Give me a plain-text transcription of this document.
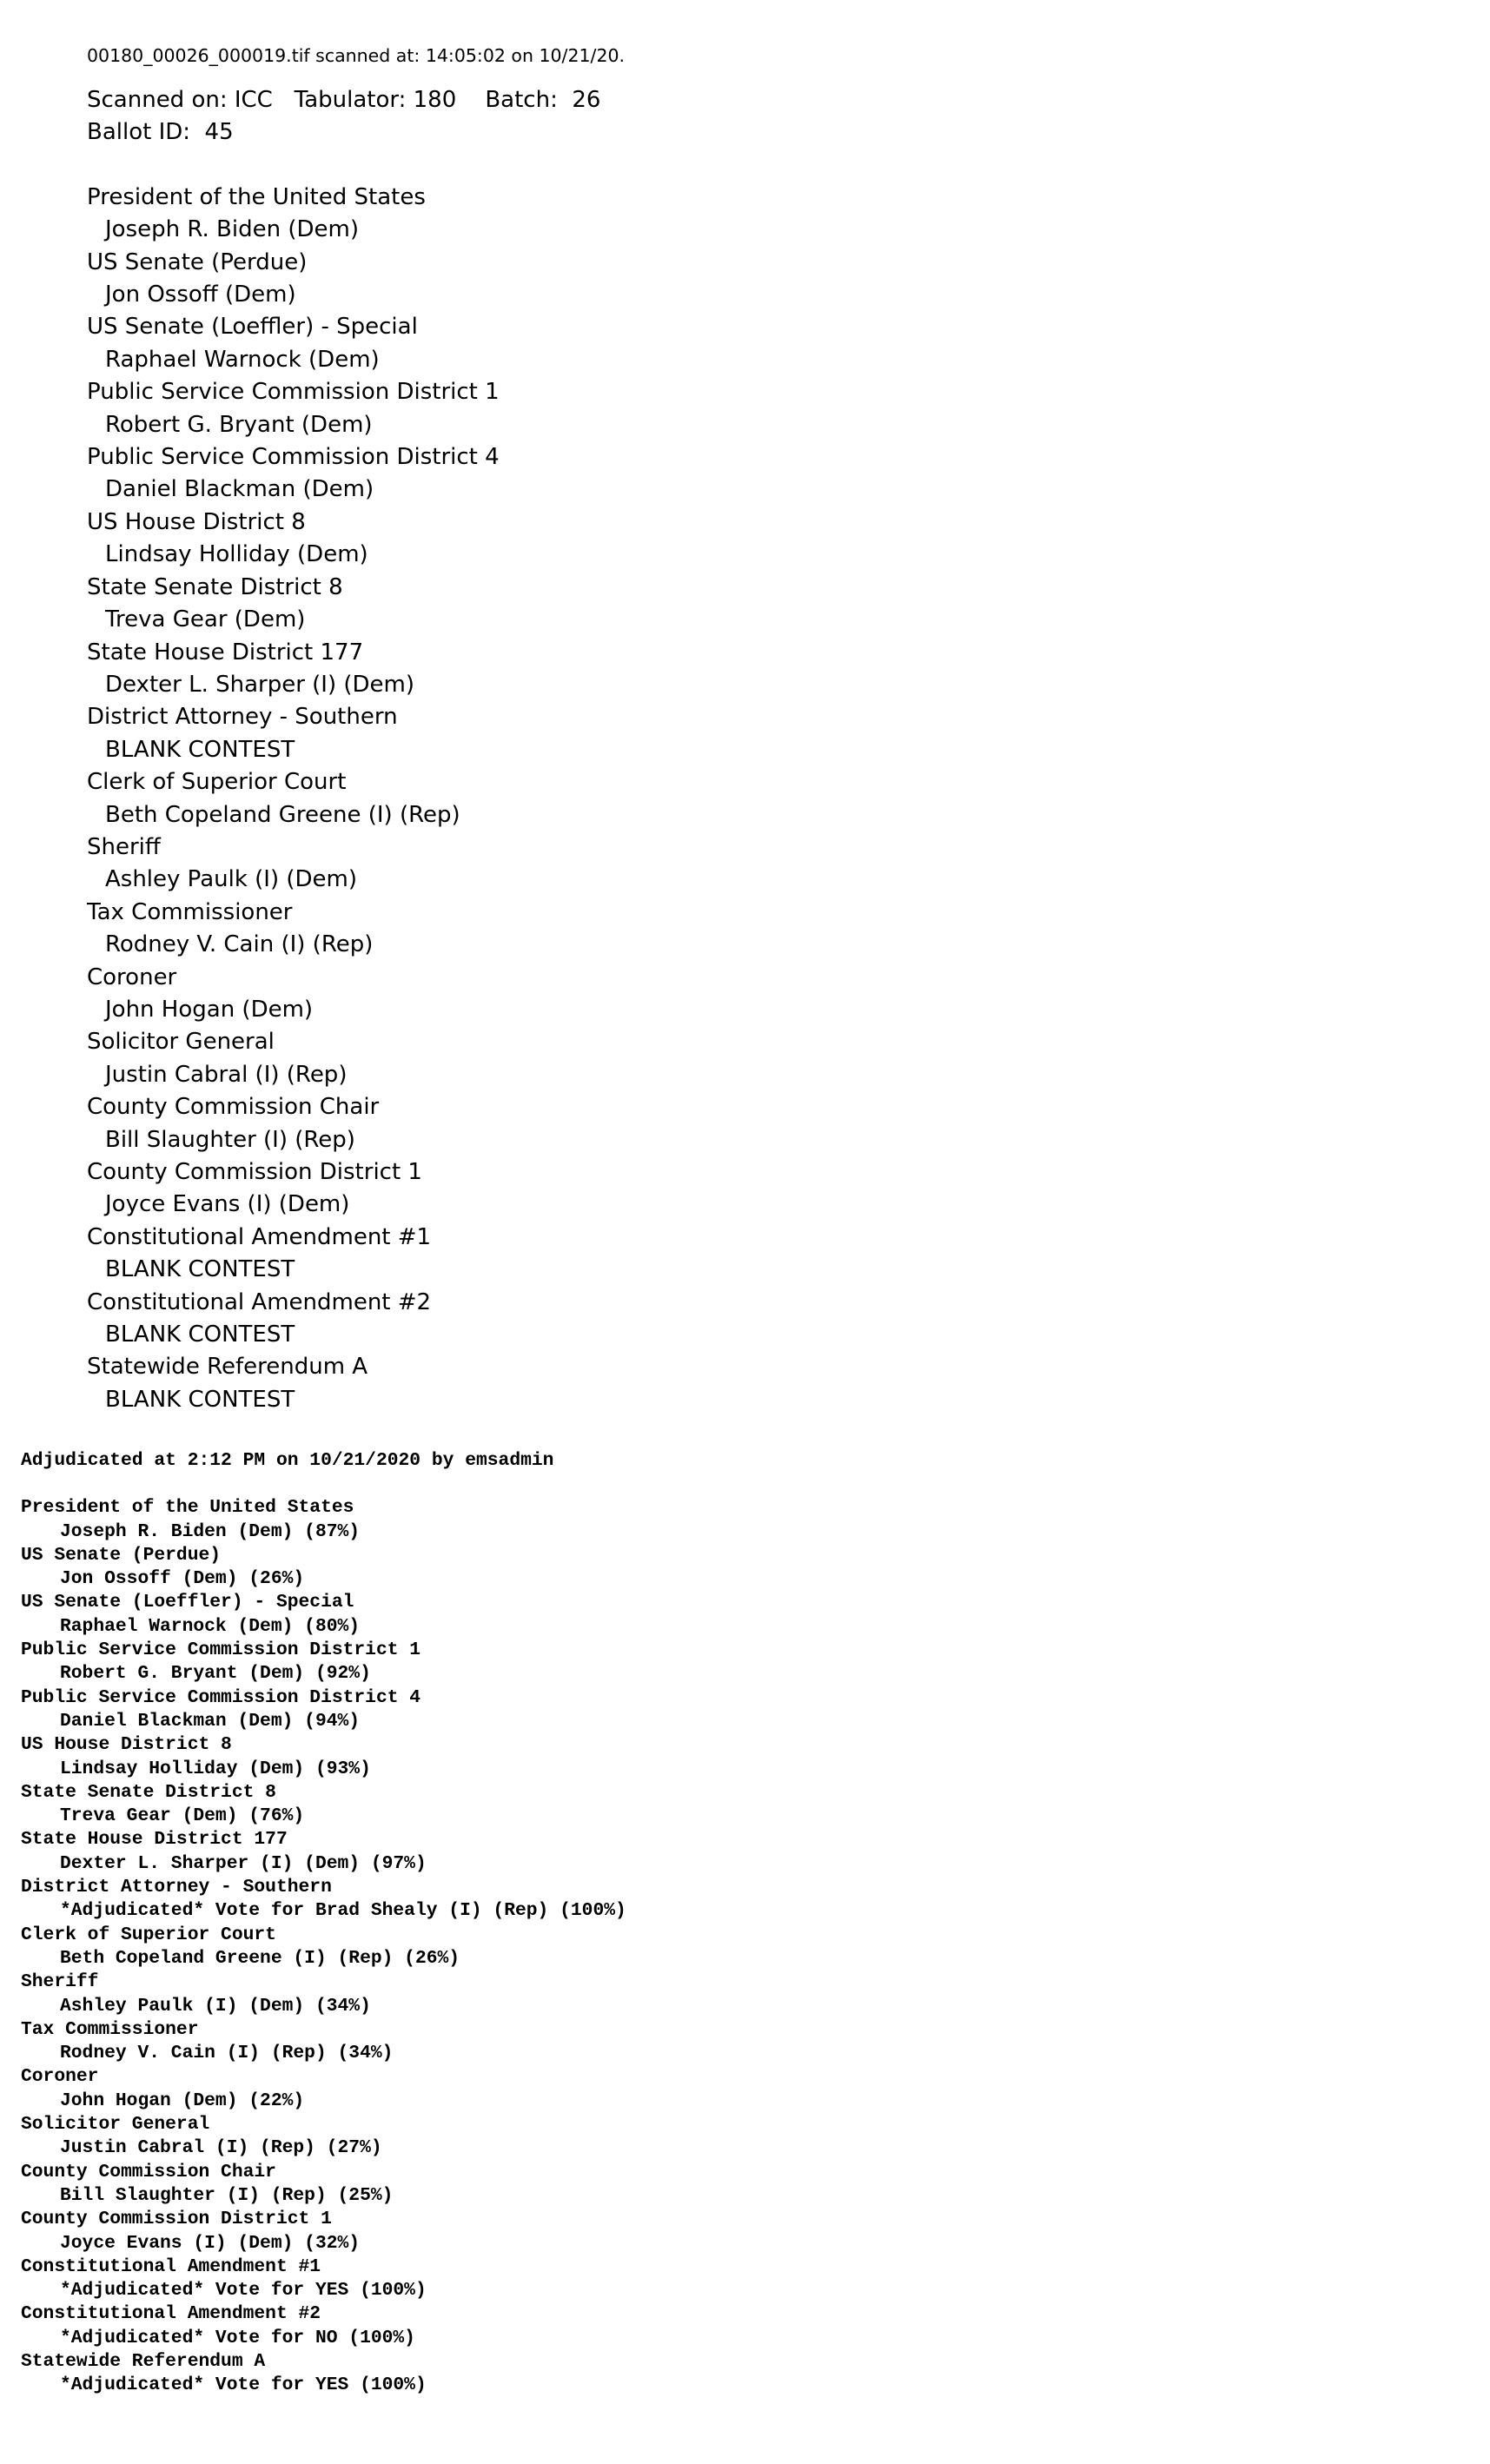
00180_00026_000019.tif scanned at: 14:05:02 on 10/21/20.
Scanned on: ICC   Tabulator: 180    Batch:  26
Ballot ID:  45
President of the United States
Joseph R. Biden (Dem)
US Senate (Perdue)
Jon Ossoff (Dem)
US Senate (Loeffler) - Special
Raphael Warnock (Dem)
Public Service Commission District 1
Robert G. Bryant (Dem)
Public Service Commission District 4
Daniel Blackman (Dem)
US House District 8
Lindsay Holliday (Dem)
State Senate District 8
Treva Gear (Dem)
State House District 177
Dexter L. Sharper (I) (Dem)
District Attorney - Southern
BLANK CONTEST
Clerk of Superior Court
Beth Copeland Greene (I) (Rep)
Sheriff
Ashley Paulk (I) (Dem)
Tax Commissioner
Rodney V. Cain (I) (Rep)
Coroner
John Hogan (Dem)
Solicitor General
Justin Cabral (I) (Rep)
County Commission Chair
Bill Slaughter (I) (Rep)
County Commission District 1
Joyce Evans (I) (Dem)
Constitutional Amendment #1
BLANK CONTEST
Constitutional Amendment #2
BLANK CONTEST
Statewide Referendum A
BLANK CONTEST
Adjudicated at 2:12 PM on 10/21/2020 by emsadmin
President of the United States
Joseph R. Biden (Dem) (87%)
US Senate (Perdue)
Jon Ossoff (Dem) (26%)
US Senate (Loeffler) - Special
Raphael Warnock (Dem) (80%)
Public Service Commission District 1
Robert G. Bryant (Dem) (92%)
Public Service Commission District 4
Daniel Blackman (Dem) (94%)
US House District 8
Lindsay Holliday (Dem) (93%)
State Senate District 8
Treva Gear (Dem) (76%)
State House District 177
Dexter L. Sharper (I) (Dem) (97%)
District Attorney - Southern
*Adjudicated* Vote for Brad Shealy (I) (Rep) (100%)
Clerk of Superior Court
Beth Copeland Greene (I) (Rep) (26%)
Sheriff
Ashley Paulk (I) (Dem) (34%)
Tax Commissioner
Rodney V. Cain (I) (Rep) (34%)
Coroner
John Hogan (Dem) (22%)
Solicitor General
Justin Cabral (I) (Rep) (27%)
County Commission Chair
Bill Slaughter (I) (Rep) (25%)
County Commission District 1
Joyce Evans (I) (Dem) (32%)
Constitutional Amendment #1
*Adjudicated* Vote for YES (100%)
Constitutional Amendment #2
*Adjudicated* Vote for NO (100%)
Statewide Referendum A
*Adjudicated* Vote for YES (100%)
